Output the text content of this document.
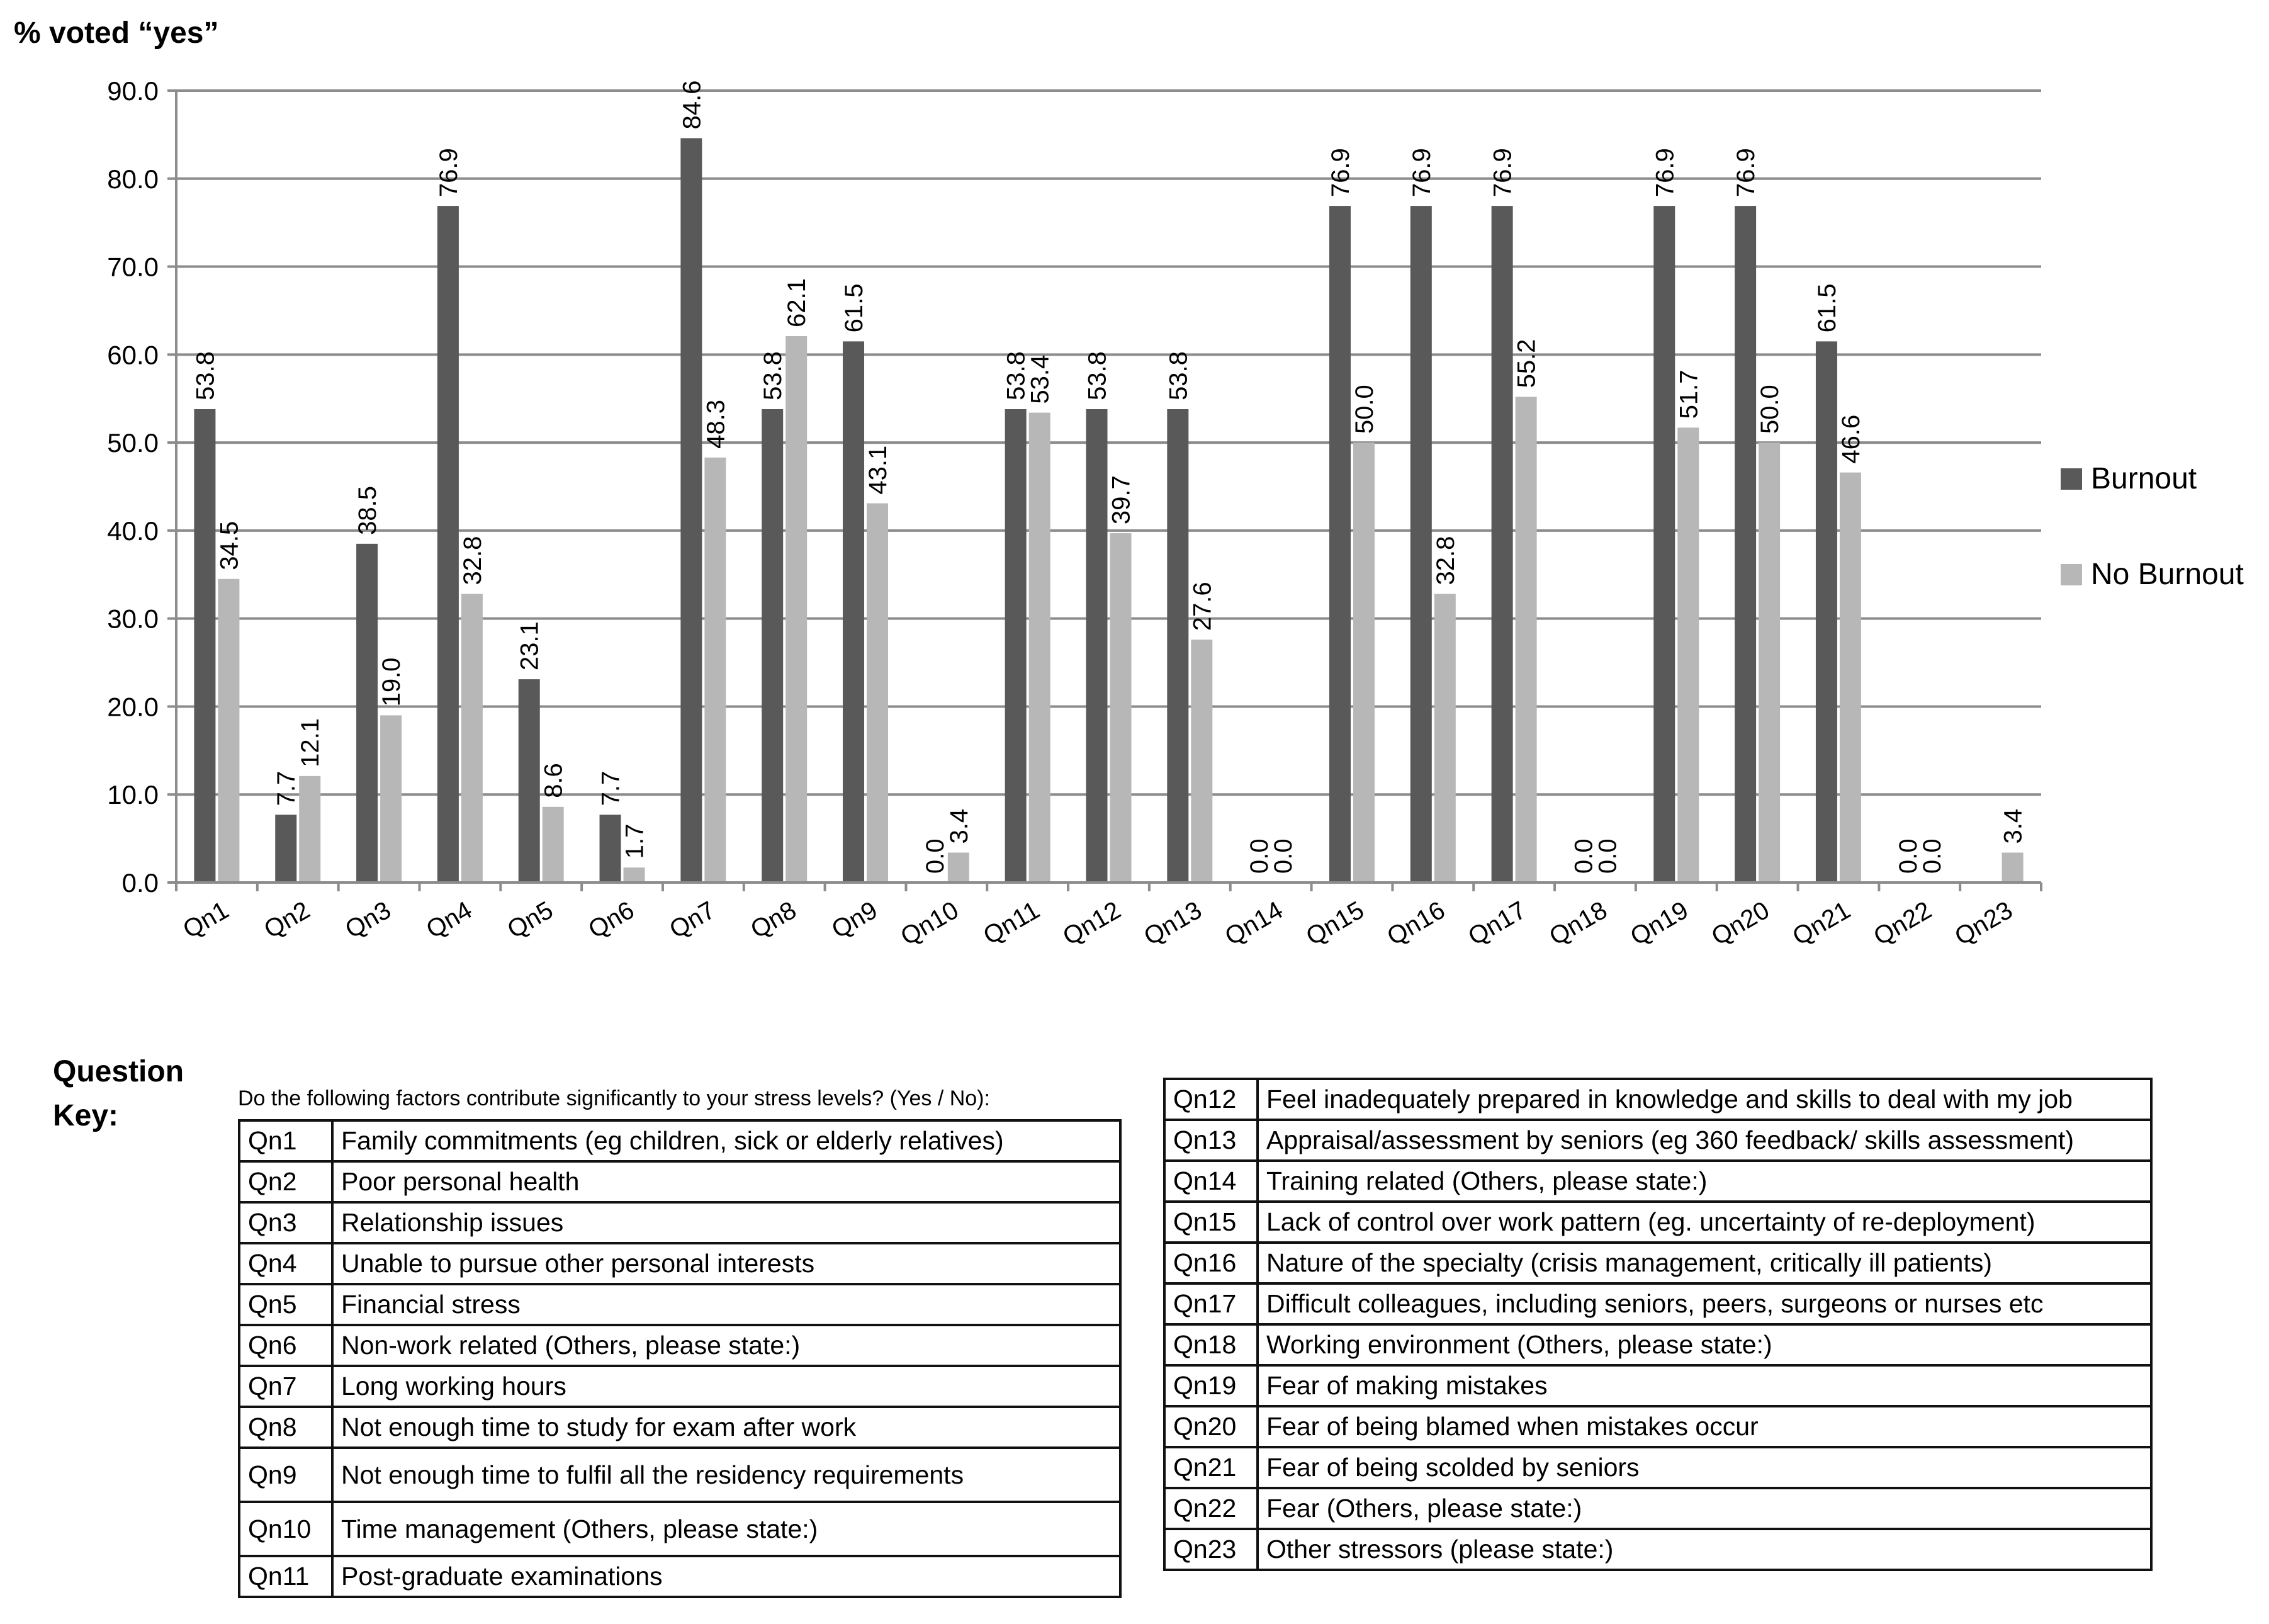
% voted “yes”
0.0
10.0
20.0
30.0
40.0
50.0
60.0
70.0
80.0
90.0
53.8
34.5
7.7
12.1
38.5
19.0
76.9
32.8
23.1
8.6 7.7
1.7
84.6
48.3
53.8
62.1 61.5
43.1
0.0
3.4
53.8
53.4 53.8
39.7
53.8
27.6
0.0
0.0
76.9
50.0
76.9
32.8
76.9
55.2
0.0
0.0
76.9
51.7
76.9
50.0
61.5
46.6
0.0
0.0
3.4
Qn1 Qn2 Qn3 Qn4 Qn5 Qn6 Qn7 Qn8 Qn9 Qn10 Qn11 Qn12 Qn13 Qn14 Qn15 Qn16 Qn17 Qn18 Qn19 Qn20 Qn21 Qn22 Qn23
Burnout
No Burnout
Question
Key:
Do the following factors contribute significantly to your stress levels? (Yes / No):
Qn1	Family commitments (eg children, sick or elderly relatives)
Qn2	Poor personal health
Qn3	Relationship issues
Qn4	Unable to pursue other personal interests
Qn5	Financial stress
Qn6	Non-work related (Others, please state:)
Qn7	Long working hours
Qn8	Not enough time to study for exam after work
Qn9	Not enough time to fulfil all the residency requirements
Qn10	Time management (Others, please state:)
Qn11	Post-graduate examinations
Qn12	Feel inadequately prepared in knowledge and skills to deal with my job
Qn13	Appraisal/assessment by seniors (eg 360 feedback/ skills assessment)
Qn14	Training related (Others, please state:)
Qn15	Lack of control over work pattern (eg. uncertainty of re-deployment)
Qn16	Nature of the specialty (crisis management, critically ill patients)
Qn17	Difficult colleagues, including seniors, peers, surgeons or nurses etc
Qn18	Working environment (Others, please state:)
Qn19	Fear of making mistakes
Qn20	Fear of being blamed when mistakes occur
Qn21	Fear of being scolded by seniors
Qn22	Fear (Others, please state:)
Qn23	Other stressors (please state:)
